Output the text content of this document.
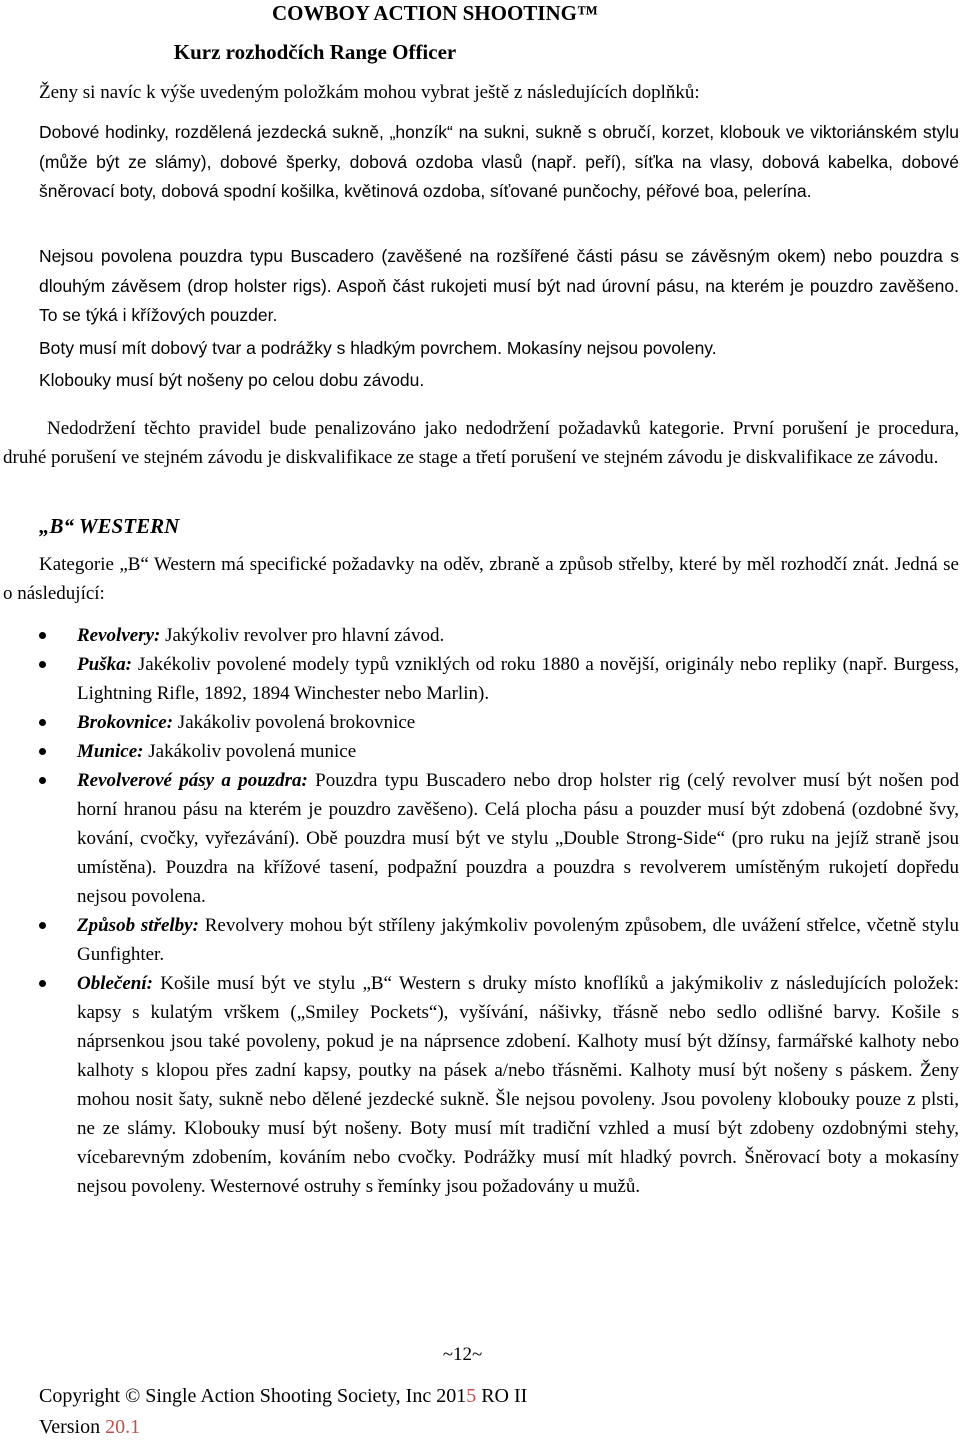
COWBOY ACTION SHOOTING™
Kurz rozhodčích Range Officer
Ženy si navíc k výše uvedeným položkám mohou vybrat ještě z následujících doplňků:
Dobové hodinky, rozdělená jezdecká sukně, „honzík“ na sukni, sukně s obručí, korzet, klobouk ve viktoriánském stylu (může být ze slámy), dobové šperky, dobová ozdoba vlasů (např. peří), síťka na vlasy, dobová kabelka, dobové šněrovací boty, dobová spodní košilka, květinová ozdoba, síťované punčochy, péřové boa, pelerína.
Nejsou povolena pouzdra typu Buscadero (zavěšené na rozšířené části pásu se závěsným okem) nebo pouzdra s dlouhým závěsem (drop holster rigs). Aspoň část rukojeti musí být nad úrovní pásu, na kterém je pouzdro zavěšeno. To se týká i křížových pouzder.
Boty musí mít dobový tvar a podrážky s hladkým povrchem. Mokasíny nejsou povoleny.
Klobouky musí být nošeny po celou dobu závodu.
Nedodržení těchto pravidel bude penalizováno jako nedodržení požadavků kategorie. První porušení je procedura, druhé porušení ve stejném závodu je diskvalifikace ze stage a třetí porušení ve stejném závodu je diskvalifikace ze závodu.
„B“ WESTERN
Kategorie „B“ Western má specifické požadavky na oděv, zbraně a způsob střelby, které by měl rozhodčí znát. Jedná se o následující:
Revolvery: Jakýkoliv revolver pro hlavní závod.
Puška: Jakékoliv povolené modely typů vzniklých od roku 1880 a novější, originály nebo repliky (např. Burgess, Lightning Rifle, 1892, 1894 Winchester nebo Marlin).
Brokovnice: Jakákoliv povolená brokovnice
Munice: Jakákoliv povolená munice
Revolverové pásy a pouzdra: Pouzdra typu Buscadero nebo drop holster rig (celý revolver musí být nošen pod horní hranou pásu na kterém je pouzdro zavěšeno). Celá plocha pásu a pouzder musí být zdobená (ozdobné švy, kování, cvočky, vyřezávání). Obě pouzdra musí být ve stylu „Double Strong-Side“ (pro ruku na jejíž straně jsou umístěna). Pouzdra na křížové tasení, podpažní pouzdra a pouzdra s revolverem umístěným rukojetí dopředu nejsou povolena.
Způsob střelby: Revolvery mohou být stříleny jakýmkoliv povoleným způsobem, dle uvážení střelce, včetně stylu Gunfighter.
Oblečení: Košile musí být ve stylu „B“ Western s druky místo knoflíků a jakýmikoliv z následujících položek: kapsy s kulatým vrškem („Smiley Pockets“), vyšívání, nášivky, třásně nebo sedlo odlišné barvy. Košile s náprsenkou jsou také povoleny, pokud je na náprsence zdobení. Kalhoty musí být džínsy, farmářské kalhoty nebo kalhoty s klopou přes zadní kapsy, poutky na pásek a/nebo třásněmi. Kalhoty musí být nošeny s páskem. Ženy mohou nosit šaty, sukně nebo dělené jezdecké sukně. Šle nejsou povoleny. Jsou povoleny klobouky pouze z plsti, ne ze slámy. Klobouky musí být nošeny. Boty musí mít tradiční vzhled a musí být zdobeny ozdobnými stehy, vícebarevným zdobením, kováním nebo cvočky. Podrážky musí mít hladký povrch. Šněrovací boty a mokasíny nejsou povoleny. Westernové ostruhy s řemínky jsou požadovány u mužů.
~12~
Copyright © Single Action Shooting Society, Inc 2015 RO II
Version 20.1
